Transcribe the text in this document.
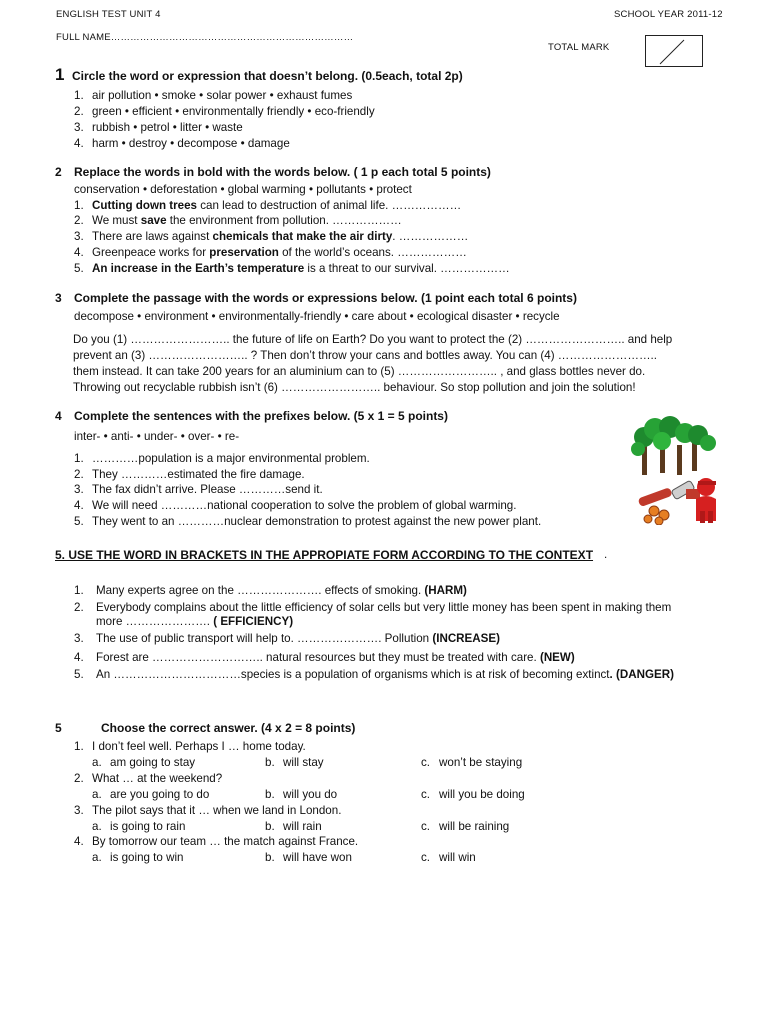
ENGLISH TEST UNIT 4	SCHOOL YEAR 2011-12
FULL NAME…………………………………………………………………
TOTAL MARK
1 Circle the word or expression that doesn’t belong. (0.5each, total 2p)
1. air pollution • smoke • solar power • exhaust fumes
2. green • efficient • environmentally friendly • eco-friendly
3. rubbish • petrol • litter • waste
4. harm • destroy • decompose • damage
2 Replace the words in bold with the words below. ( 1 p each total 5 points)
conservation • deforestation • global warming • pollutants • protect
1. Cutting down trees can lead to destruction of animal life. ………………
2. We must save the environment from pollution. ………………
3. There are laws against chemicals that make the air dirty. ………………
4. Greenpeace works for preservation of the world’s oceans. ………………
5. An increase in the Earth’s temperature is a threat to our survival. ………………
3 Complete the passage with the words or expressions below. (1 point each total 6 points)
decompose • environment • environmentally-friendly • care about • ecological disaster • recycle
Do you (1) …………………….. the future of life on Earth? Do you want to protect the (2) …………………….. and help
prevent an (3) …………………….. ? Then don’t throw your cans and bottles away. You can (4) ……………………..
them instead. It can take 200 years for an aluminium can to (5) …………………….. , and glass bottles never do.
Throwing out recyclable rubbish isn’t (6) …………………….. behaviour. So stop pollution and join the solution!
4 Complete the sentences with the prefixes below. (5 x 1 = 5 points)
inter- • anti- • under- • over- • re-
1. …………population is a major environmental problem.
2. They …………estimated the fire damage.
3. The fax didn’t arrive. Please …………send it.
4. We will need …………national cooperation to solve the problem of global warming.
5. They went to an …………nuclear demonstration to protest against the new power plant.
5. USE THE WORD IN BRACKETS IN THE APPROPIATE FORM ACCORDING TO THE CONTEXT .
1. Many experts agree on the …………………. effects of smoking. (HARM)
2. Everybody complains about the little efficiency of solar cells but very little money has been spent in making them
more …………………. ( EFFICIENCY)
3. The use of public transport will help to. …………………. Pollution (INCREASE)
4. Forest are ……………………….. natural resources but they must be treated with care. (NEW)
5. An ……………………………species is a population of organisms which is at risk of becoming extinct. (DANGER)
5	Choose the correct answer. (4 x 2 = 8 points)
1. I don’t feel well. Perhaps I … home today.
a. am going to stay	b. will stay	c. won’t be staying
2. What … at the weekend?
a. are you going to do	b. will you do	c. will you be doing
3. The pilot says that it … when we land in London.
a. is going to rain	b. will rain	c. will be raining
4. By tomorrow our team … the match against France.
a. is going to win	b. will have won	c. will win
